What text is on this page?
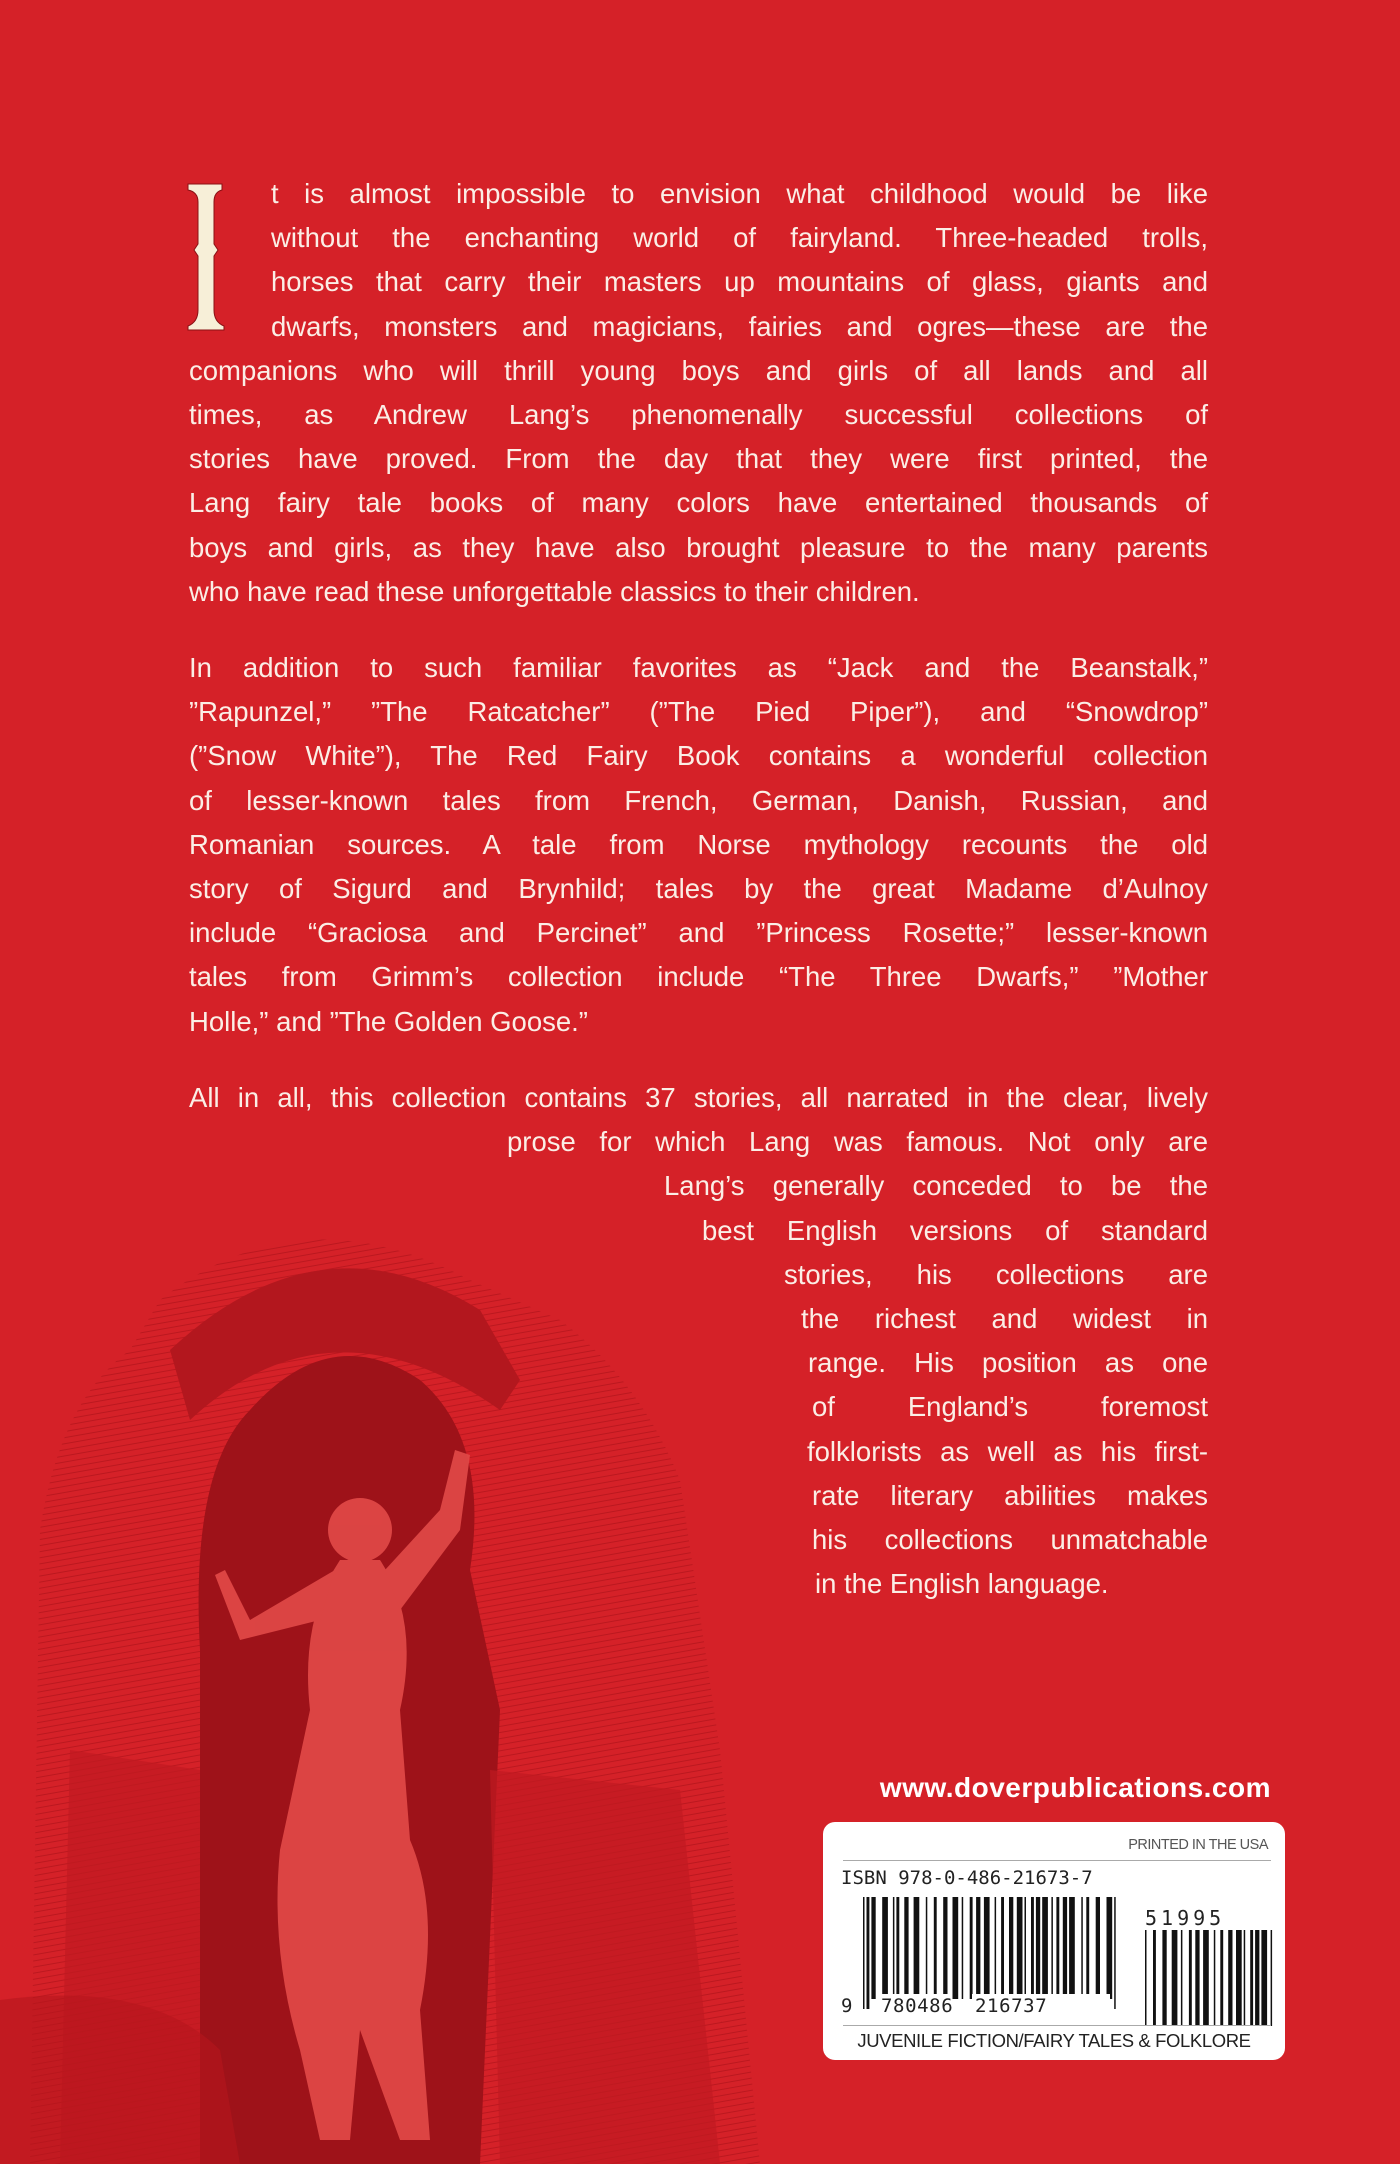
t is almost impossible to envision what childhood would be like
without the enchanting world of fairyland. Three-headed trolls,
horses that carry their masters up mountains of glass, giants and
dwarfs, monsters and magicians, fairies and ogres—these are the
companions who will thrill young boys and girls of all lands and all
times, as Andrew Lang’s phenomenally successful collections of
stories have proved. From the day that they were first printed, the
Lang fairy tale books of many colors have entertained thousands of
boys and girls, as they have also brought pleasure to the many parents
who have read these unforgettable classics to their children.
In addition to such familiar favorites as “Jack and the Beanstalk,”
”Rapunzel,” ”The Ratcatcher” (”The Pied Piper”), and “Snowdrop”
(”Snow White”), The Red Fairy Book contains a wonderful collection
of lesser-known tales from French, German, Danish, Russian, and
Romanian sources. A tale from Norse mythology recounts the old
story of Sigurd and Brynhild; tales by the great Madame d’Aulnoy
include “Graciosa and Percinet” and ”Princess Rosette;” lesser-known
tales from Grimm’s collection include “The Three Dwarfs,” ”Mother
Holle,” and ”The Golden Goose.”
All in all, this collection contains 37 stories, all narrated in the clear, lively
prose for which Lang was famous. Not only are
Lang’s generally conceded to be the
best English versions of standard
stories, his collections are
the richest and widest in
range. His position as one
of England’s foremost
folklorists as well as his first-
rate literary abilities makes
his collections unmatchable
in the English language.
www.doverpublications.com
PRINTED IN THE USA
ISBN 978-0-486-21673-7
9 780486 216737
51995
JUVENILE FICTION/FAIRY TALES & FOLKLORE
